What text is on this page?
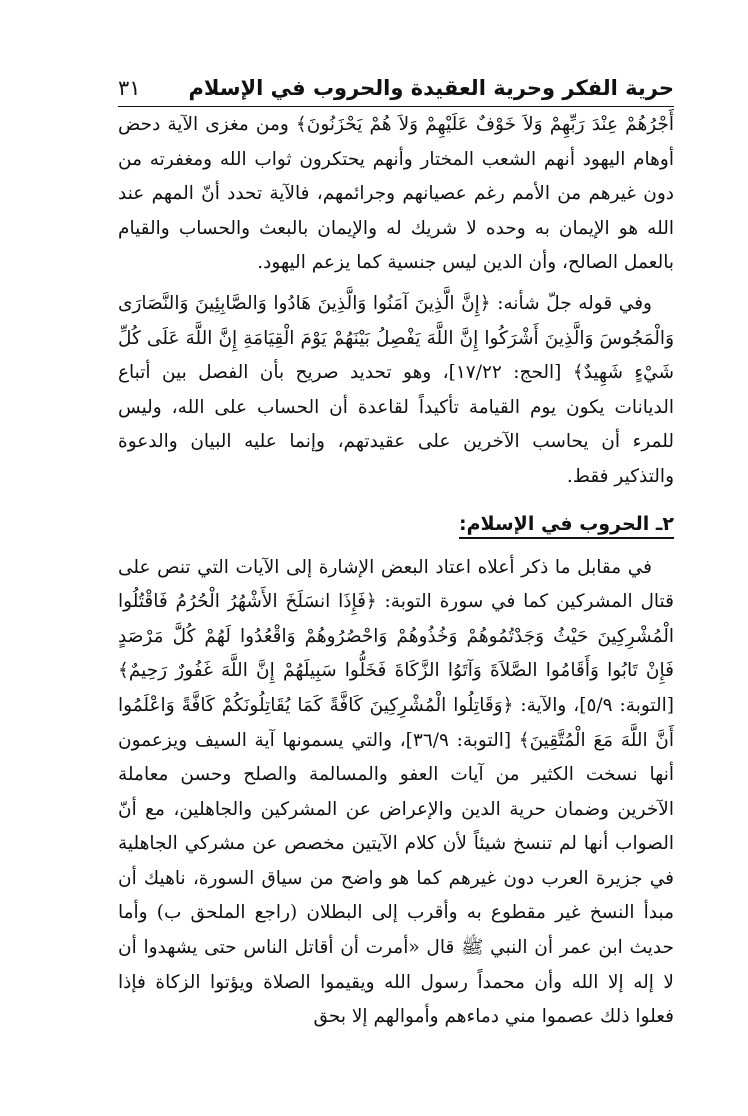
حرية الفكر وحرية العقيدة والحروب في الإسلام
٣١

أَجْرُهُمْ عِنْدَ رَبِّهِمْ وَلاَ خَوْفٌ عَلَيْهِمْ وَلاَ هُمْ يَحْزَنُونَ﴾ ومن مغزى الآية دحض أوهام اليهود أنهم الشعب المختار وأنهم يحتكرون ثواب الله ومغفرته من دون غيرهم من الأمم رغم عصيانهم وجرائمهم، فالآية تحدد أنّ المهم عند الله هو الإيمان به وحده لا شريك له والإيمان بالبعث والحساب والقيام بالعمل الصالح، وأن الدين ليس جنسية كما يزعم اليهود.

وفي قوله جلّ شأنه: ﴿إِنَّ الَّذِينَ آمَنُوا وَالَّذِينَ هَادُوا وَالصَّابِئِينَ وَالنَّصَارَى وَالْمَجُوسَ وَالَّذِينَ أَشْرَكُوا إِنَّ اللَّهَ يَفْصِلُ بَيْنَهُمْ يَوْمَ الْقِيَامَةِ إِنَّ اللَّهَ عَلَى كُلِّ شَيْءٍ شَهِيدٌ﴾ [الحج: ١٧/٢٢]، وهو تحديد صريح بأن الفصل بين أتباع الديانات يكون يوم القيامة تأكيداً لقاعدة أن الحساب على الله، وليس للمرء أن يحاسب الآخرين على عقيدتهم، وإنما عليه البيان والدعوة والتذكير فقط.

٢ـ الحروب في الإسلام:

في مقابل ما ذكر أعلاه اعتاد البعض الإشارة إلى الآيات التي تنص على قتال المشركين كما في سورة التوبة: ﴿فَإِذَا انسَلَخَ الأَشْهُرُ الْحُرُمُ فَاقْتُلُوا الْمُشْرِكِينَ حَيْثُ وَجَدْتُمُوهُمْ وَخُذُوهُمْ وَاحْصُرُوهُمْ وَاقْعُدُوا لَهُمْ كُلَّ مَرْصَدٍ فَإِنْ تَابُوا وَأَقَامُوا الصَّلاَةَ وَآتَوُا الزَّكَاةَ فَخَلُّوا سَبِيلَهُمْ إِنَّ اللَّهَ غَفُورٌ رَحِيمٌ﴾ [التوبة: ٥/٩]، والآية: ﴿وَقَاتِلُوا الْمُشْرِكِينَ كَافَّةً كَمَا يُقَاتِلُونَكُمْ كَافَّةً وَاعْلَمُوا أَنَّ اللَّهَ مَعَ الْمُتَّقِينَ﴾ [التوبة: ٣٦/٩]، والتي يسمونها آية السيف ويزعمون أنها نسخت الكثير من آيات العفو والمسالمة والصلح وحسن معاملة الآخرين وضمان حرية الدين والإعراض عن المشركين والجاهلين، مع أنّ الصواب أنها لم تنسخ شيئاً لأن كلام الآيتين مخصص عن مشركي الجاهلية في جزيرة العرب دون غيرهم كما هو واضح من سياق السورة، ناهيك أن مبدأ النسخ غير مقطوع به وأقرب إلى البطلان (راجع الملحق ب) وأما حديث ابن عمر أن النبي ﷺ قال «أمرت أن أقاتل الناس حتى يشهدوا أن لا إله إلا الله وأن محمداً رسول الله ويقيموا الصلاة ويؤتوا الزكاة فإذا فعلوا ذلك عصموا مني دماءهم وأموالهم إلا بحق
